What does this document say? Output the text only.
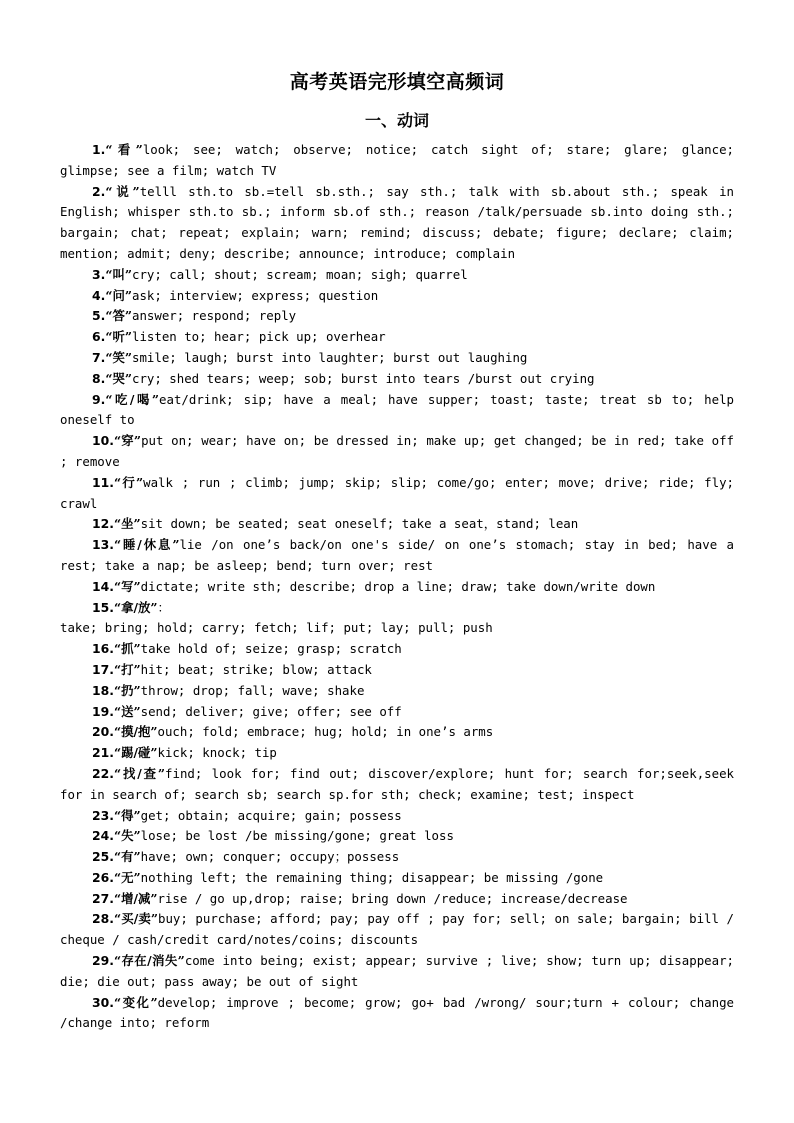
高考英语完形填空高频词
一、动词

1.“看”look; see; watch; observe; notice; catch sight of; stare; glare; glance; glimpse; see a film; watch TV

2.“说”telll sth.to sb.=tell sb.sth.; say sth.; talk with sb.about sth.; speak in English; whisper sth.to sb.; inform sb.of sth.; reason /talk/persuade sb.into doing sth.; bargain; chat; repeat; explain; warn; remind; discuss; debate; figure; declare; claim; mention; admit; deny; describe; announce; introduce; complain

3.“叫”cry; call; shout; scream; moan; sigh; quarrel

4.“问”ask; interview; express; question

5.“答”answer; respond; reply

6.“听”listen to; hear; pick up; overhear

7.“笑”smile; laugh; burst into laughter; burst out laughing

8.“哭”cry; shed tears; weep; sob; burst into tears /burst out crying

9.“吃/喝”eat/drink; sip; have a meal; have supper; toast; taste; treat sb to; help oneself to

10.“穿”put on; wear; have on; be dressed in; make up; get changed; be in red; take off ; remove

11.“行”walk ; run ; climb; jump; skip; slip; come/go; enter; move; drive; ride; fly; crawl

12.“坐”sit down; be seated; seat oneself; take a seat，stand; lean

13.“睡/休息”lie /on one’s back/on one's side/ on one’s stomach; stay in bed; have a rest; take a nap; be asleep; bend; turn over; rest

14.“写”dictate; write sth; describe; drop a line; draw; take down/write down

15.“拿/放”：
take; bring; hold; carry; fetch; lif; put; lay; pull; push

16.“抓”take hold of; seize; grasp; scratch

17.“打”hit; beat; strike; blow; attack

18.“扔”throw; drop; fall; wave; shake

19.“送”send; deliver; give; offer; see off

20.“摸/抱”ouch; fold; embrace; hug; hold; in one’s arms

21.“踢/碰”kick; knock; tip

22.“找/查”find; look for; find out; discover/explore; hunt for; search for;seek,seek for in search of; search sb; search sp.for sth; check; examine; test; inspect

23.“得”get; obtain; acquire; gain; possess

24.“失”lose; be lost /be missing/gone; great loss

25.“有”have; own; conquer; occupy；possess

26.“无”nothing left; the remaining thing; disappear; be missing /gone

27.“增/减”rise / go up,drop; raise; bring down /reduce; increase/decrease

28.“买/卖”buy; purchase; afford; pay; pay off ; pay for; sell; on sale; bargain; bill / cheque / cash/credit card/notes/coins; discounts

29.“存在/消失”come into being; exist; appear; survive ; live; show; turn up; disappear; die; die out; pass away; be out of sight

30.“变化”develop; improve ; become; grow; go+ bad /wrong/ sour;turn + colour; change /change into; reform
